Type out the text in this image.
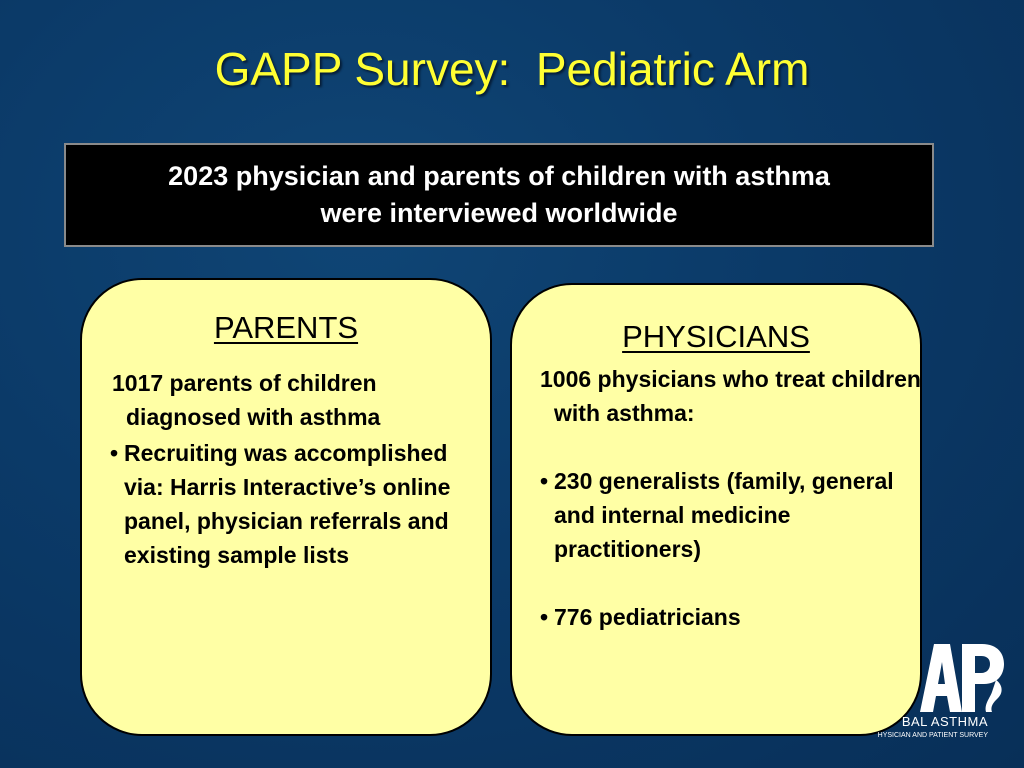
GAPP Survey:  Pediatric Arm
2023 physician and parents of children with asthma
were interviewed worldwide
PARENTS

1017 parents of children diagnosed with asthma

• Recruiting was accomplished via: Harris Interactive’s online panel, physician referrals and existing sample lists

PHYSICIANS

1006 physicians who treat children with asthma:

• 230 generalists (family, general and internal medicine practitioners)

• 776 pediatricians

BAL ASTHMA
HYSICIAN AND PATIENT SURVEY
